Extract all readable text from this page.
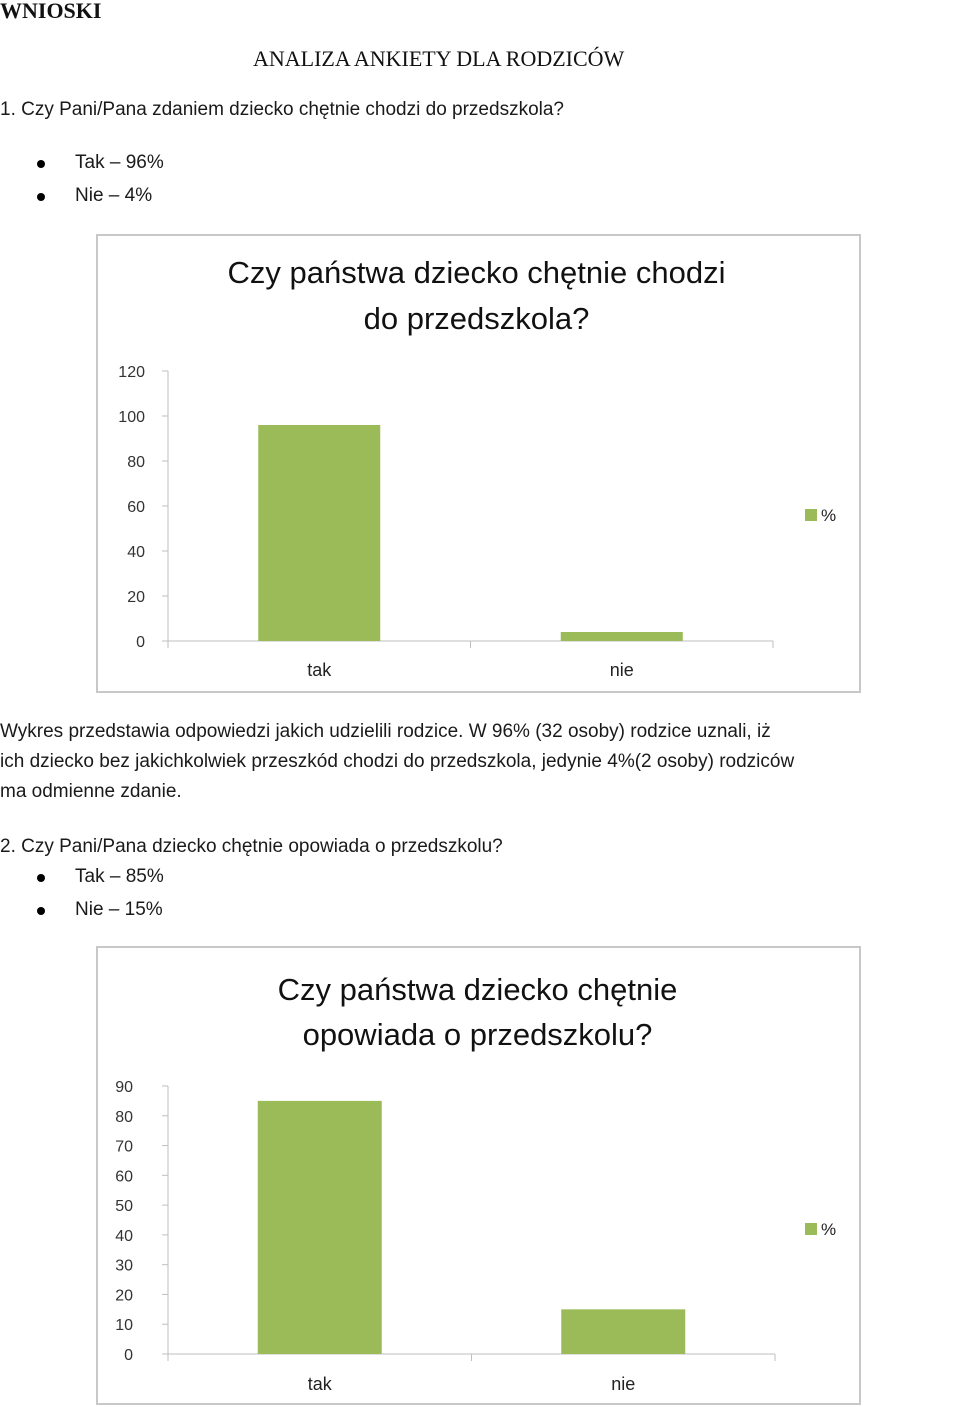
WNIOSKI
ANALIZA ANKIETY DLA RODZICÓW
1. Czy Pani/Pana zdaniem dziecko chętnie chodzi do przedszkola?
Tak – 96%
Nie – 4%
Czy państwa dziecko chętnie chodzi
do przedszkola?
0
20
40
60
80
100
120
tak	nie
%
Wykres przedstawia odpowiedzi jakich udzielili rodzice. W 96% (32 osoby) rodzice uznali, iż
ich dziecko bez jakichkolwiek przeszkód chodzi do przedszkola, jedynie 4%(2 osoby) rodziców
ma odmienne zdanie.
2. Czy Pani/Pana dziecko chętnie opowiada o przedszkolu?
Tak – 85%
Nie – 15%
Czy państwa dziecko chętnie
opowiada o przedszkolu?
0
10
20
30
40
50
60
70
80
90
tak	nie
%
